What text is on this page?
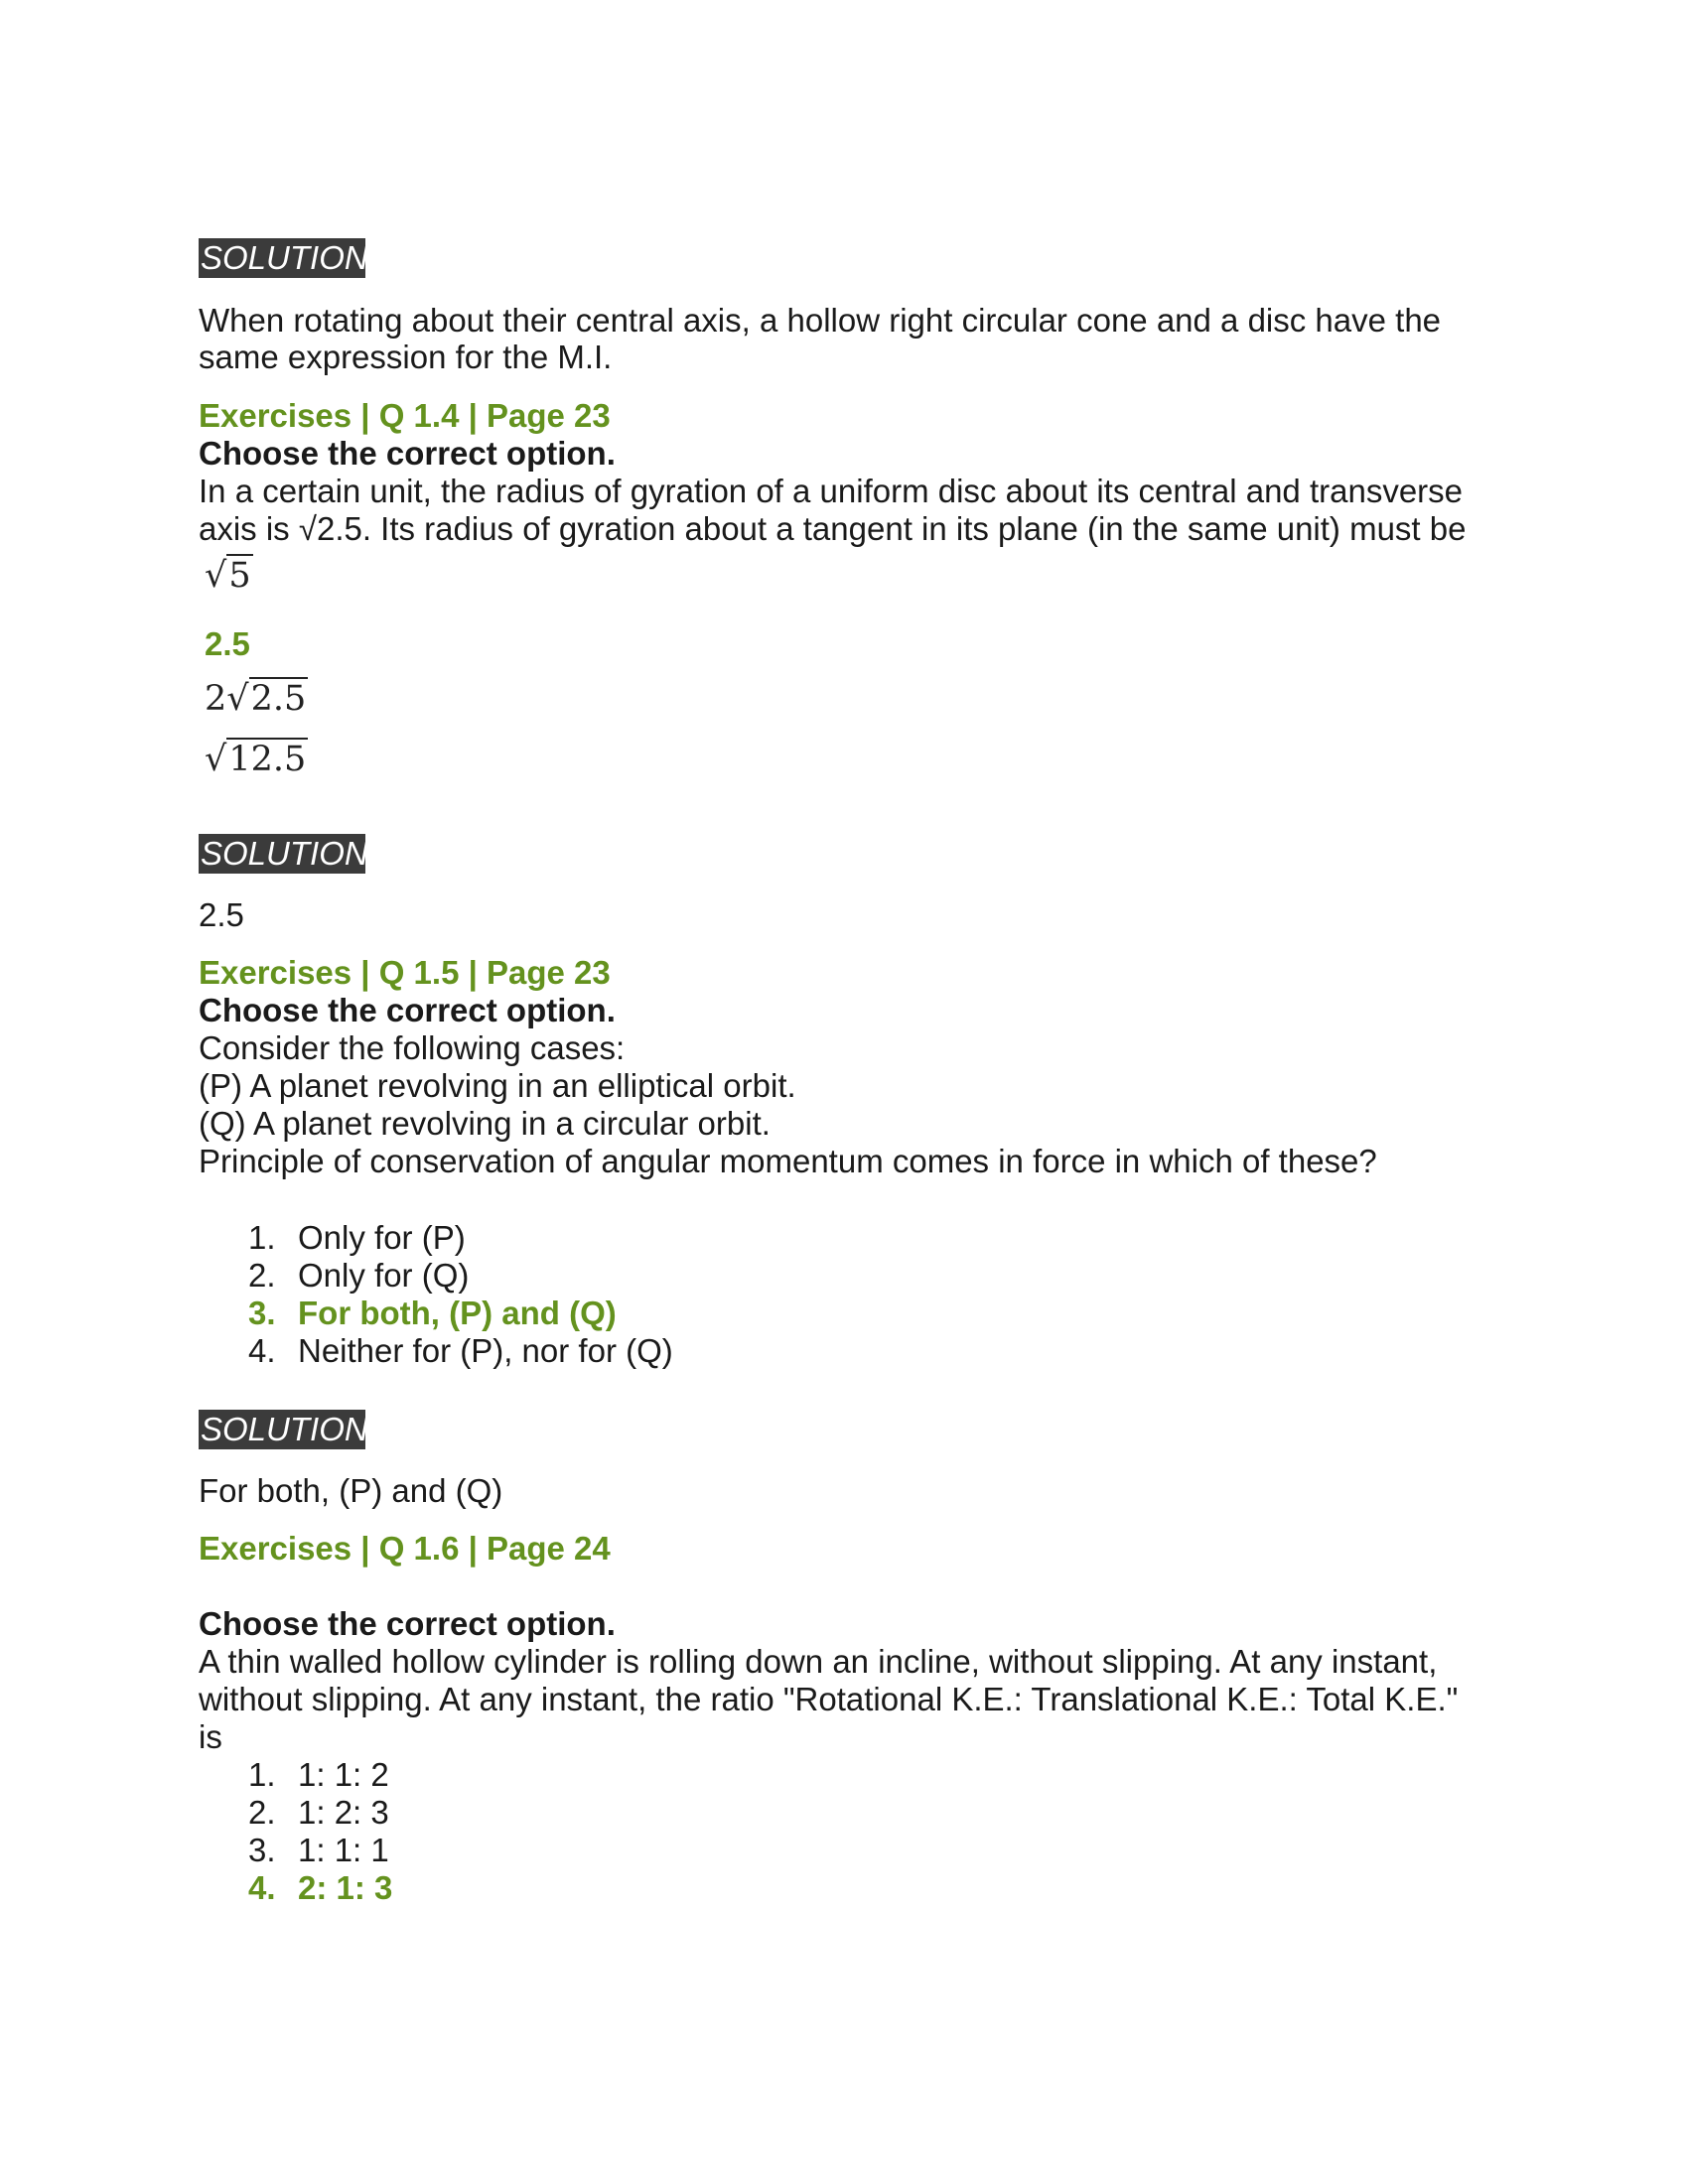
SOLUTION
When rotating about their central axis, a hollow right circular cone and a disc have the
same expression for the M.I.
Exercises | Q 1.4 | Page 23
Choose the correct option.
In a certain unit, the radius of gyration of a uniform disc about its central and transverse
axis is √2.5. Its radius of gyration about a tangent in its plane (in the same unit) must be
√5
2.5
2√2.5
√12.5
SOLUTION
2.5
Exercises | Q 1.5 | Page 23
Choose the correct option.
Consider the following cases:
(P) A planet revolving in an elliptical orbit.
(Q) A planet revolving in a circular orbit.
Principle of conservation of angular momentum comes in force in which of these?
1. Only for (P)
2. Only for (Q)
3. For both, (P) and (Q)
4. Neither for (P), nor for (Q)
SOLUTION
For both, (P) and (Q)
Exercises | Q 1.6 | Page 24
Choose the correct option.
A thin walled hollow cylinder is rolling down an incline, without slipping. At any instant,
without slipping. At any instant, the ratio "Rotational K.E.: Translational K.E.: Total K.E."
is
1. 1: 1: 2
2. 1: 2: 3
3. 1: 1: 1
4. 2: 1: 3
